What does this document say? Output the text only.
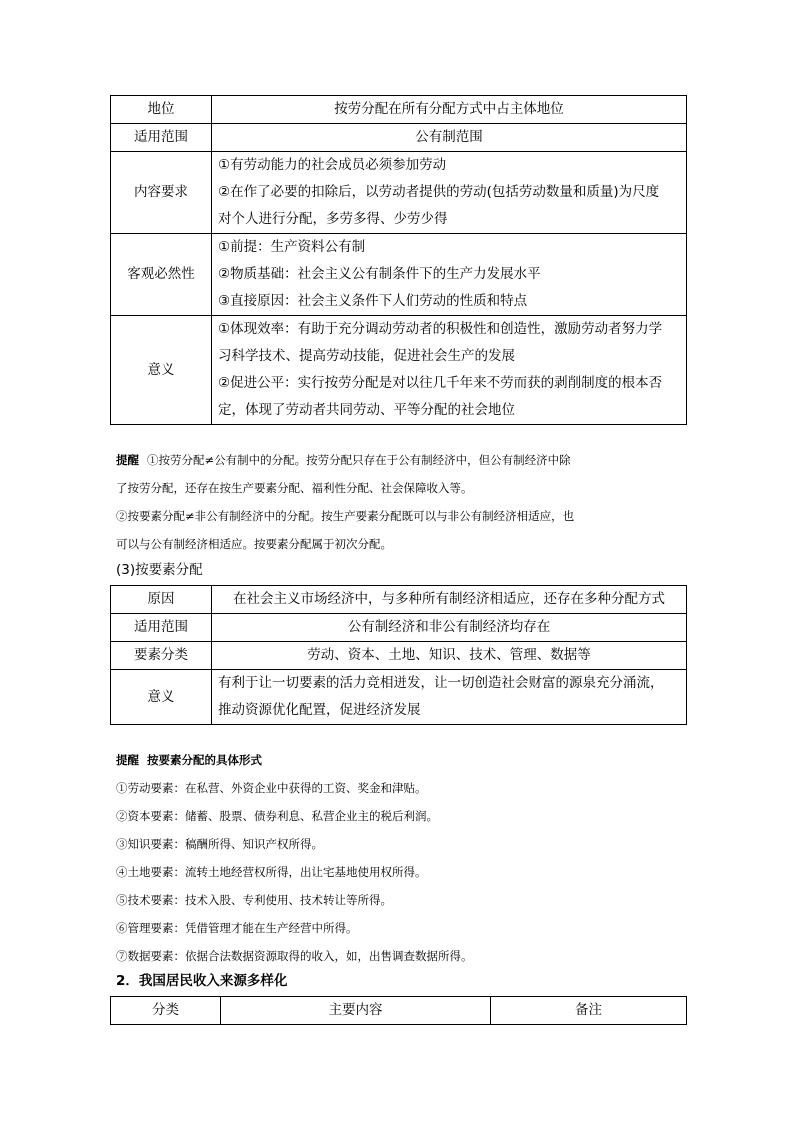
地位	按劳分配在所有分配方式中占主体地位

适用范围	公有制范围

内容要求	①有劳动能力的社会成员必须参加劳动
②在作了必要的扣除后，以劳动者提供的劳动(包括劳动数量和质量)为尺度
对个人进行分配，多劳多得、少劳少得

客观必然性	①前提：生产资料公有制
②物质基础：社会主义公有制条件下的生产力发展水平
③直接原因：社会主义条件下人们劳动的性质和特点

意义	①体现效率：有助于充分调动劳动者的积极性和创造性，激励劳动者努力学
习科学技术、提高劳动技能，促进社会生产的发展
②促进公平：实行按劳分配是对以往几千年来不劳而获的剥削制度的根本否
定，体现了劳动者共同劳动、平等分配的社会地位
提醒 ①按劳分配≠公有制中的分配。按劳分配只存在于公有制经济中，但公有制经济中除
了按劳分配，还存在按生产要素分配、福利性分配、社会保障收入等。
②按要素分配≠非公有制经济中的分配。按生产要素分配既可以与非公有制经济相适应，也
可以与公有制经济相适应。按要素分配属于初次分配。
(3)按要素分配
原因	在社会主义市场经济中，与多种所有制经济相适应，还存在多种分配方式

适用范围	公有制经济和非公有制经济均存在

要素分类	劳动、资本、土地、知识、技术、管理、数据等

意义	有利于让一切要素的活力竞相迸发，让一切创造社会财富的源泉充分涌流，
推动资源优化配置，促进经济发展
提醒 按要素分配的具体形式
①劳动要素：在私营、外资企业中获得的工资、奖金和津贴。
②资本要素：储蓄、股票、债券利息、私营企业主的税后利润。
③知识要素：稿酬所得、知识产权所得。
④土地要素：流转土地经营权所得，出让宅基地使用权所得。
⑤技术要素：技术入股、专利使用、技术转让等所得。
⑥管理要素：凭借管理才能在生产经营中所得。
⑦数据要素：依据合法数据资源取得的收入，如，出售调查数据所得。
2．我国居民收入来源多样化
分类	主要内容	备注
